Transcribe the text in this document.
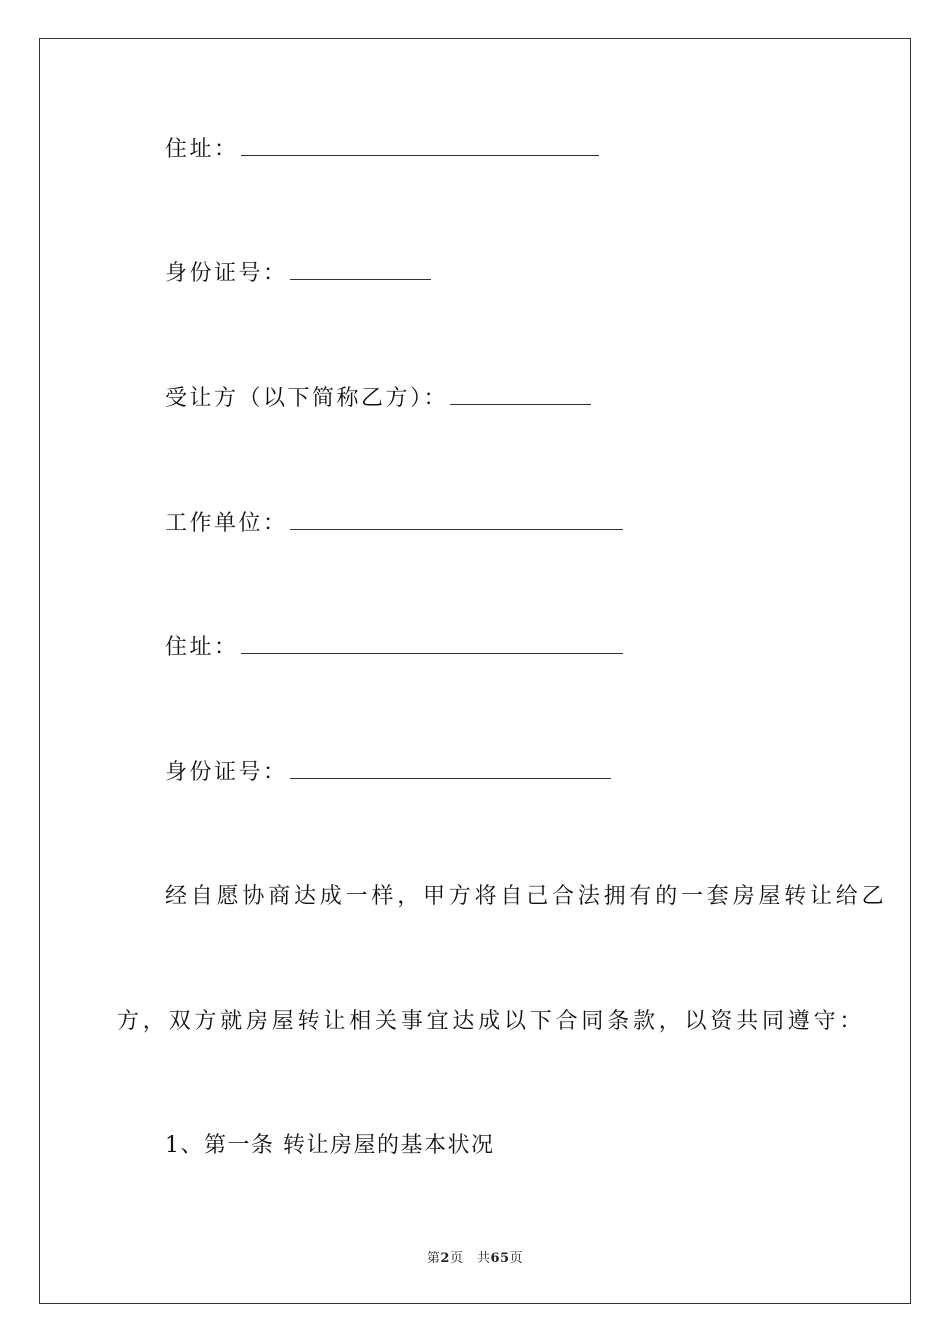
住址：
身份证号：
受让方（以下简称乙方）：
工作单位：
住址：
身份证号：
经自愿协商达成一样，甲方将自己合法拥有的一套房屋转让给乙
方，双方就房屋转让相关事宜达成以下合同条款，以资共同遵守：
1、第一条 转让房屋的基本状况
第2页　共65页
